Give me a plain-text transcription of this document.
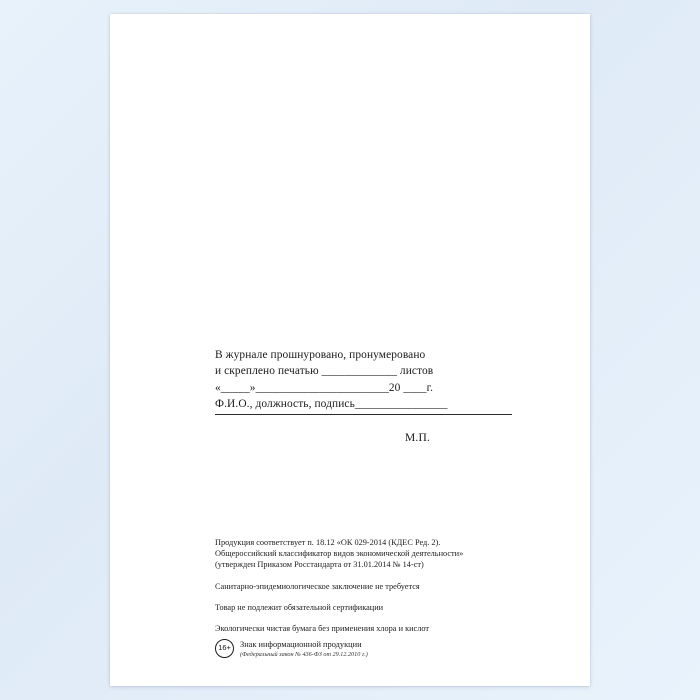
В журнале прошнуровано, пронумеровано
и скреплено печатью _____________ листов
«_____»_______________________20 ____г.
Ф.И.О., должность, подпись________________
М.П.
Продукция соответствует п. 18.12 «ОК 029-2014 (КДЕС Ред. 2).
Общероссийский классификатор видов экономической деятельности»
(утвержден Приказом Росстандарта от 31.01.2014 № 14-ст)
Санитарно-эпидемиологическое заключение не требуется
Товар не подлежит обязательной сертификации
Экологически чистая бумага без применения хлора и кислот
16+	Знак информационной продукции
(Федеральный закон № 436-ФЗ от 29.12.2010 г.)
